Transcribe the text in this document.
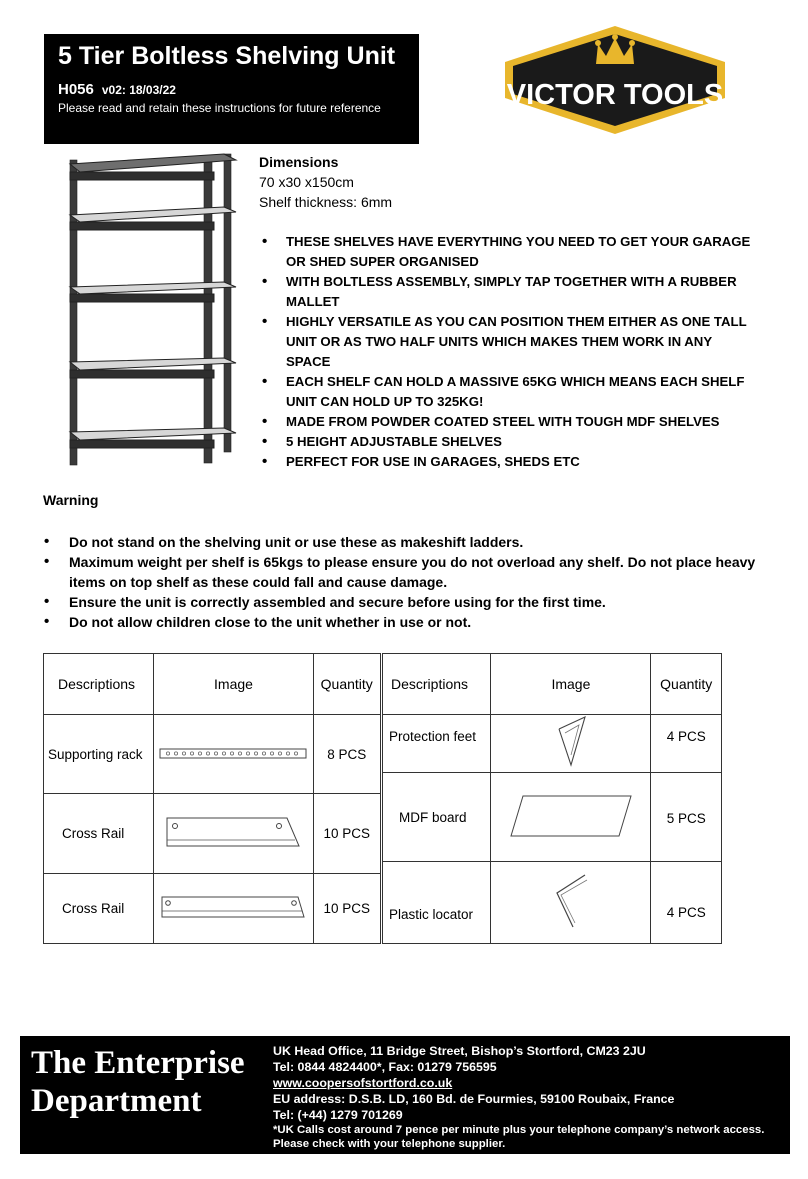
5 Tier Boltless Shelving Unit
H056 v02: 18/03/22
Please read and retain these instructions for future reference	VICTOR TOOLS
Dimensions
70 x30 x150cm
Shelf thickness: 6mm
• THESE SHELVES HAVE EVERYTHING YOU NEED TO GET YOUR GARAGE OR SHED SUPER ORGANISED
• WITH BOLTLESS ASSEMBLY, SIMPLY TAP TOGETHER WITH A RUBBER MALLET
• HIGHLY VERSATILE AS YOU CAN POSITION THEM EITHER AS ONE TALL UNIT OR AS TWO HALF UNITS WHICH MAKES THEM WORK IN ANY SPACE
• EACH SHELF CAN HOLD A MASSIVE 65KG WHICH MEANS EACH SHELF UNIT CAN HOLD UP TO 325KG!
• MADE FROM POWDER COATED STEEL WITH TOUGH MDF SHELVES
• 5 HEIGHT ADJUSTABLE SHELVES
• PERFECT FOR USE IN GARAGES, SHEDS ETC
Warning
• Do not stand on the shelving unit or use these as makeshift ladders.
• Maximum weight per shelf is 65kgs to please ensure you do not overload any shelf. Do not place heavy items on top shelf as these could fall and cause damage.
• Ensure the unit is correctly assembled and secure before using for the first time.
• Do not allow children close to the unit whether in use or not.
Descriptions	Image	Quantity
Supporting rack		8 PCS
Cross Rail		10 PCS
Cross Rail		10 PCS
Descriptions	Image	Quantity
Protection feet		4 PCS
MDF board		5 PCS
Plastic locator		4 PCS
The Enterprise
Department
UK Head Office, 11 Bridge Street, Bishop’s Stortford, CM23 2JU
Tel: 0844 4824400*, Fax: 01279 756595
www.coopersofstortford.co.uk
EU address: D.S.B. LD, 160 Bd. de Fourmies, 59100 Roubaix, France
Tel: (+44) 1279 701269
*UK Calls cost around 7 pence per minute plus your telephone company’s network access.
Please check with your telephone supplier.
